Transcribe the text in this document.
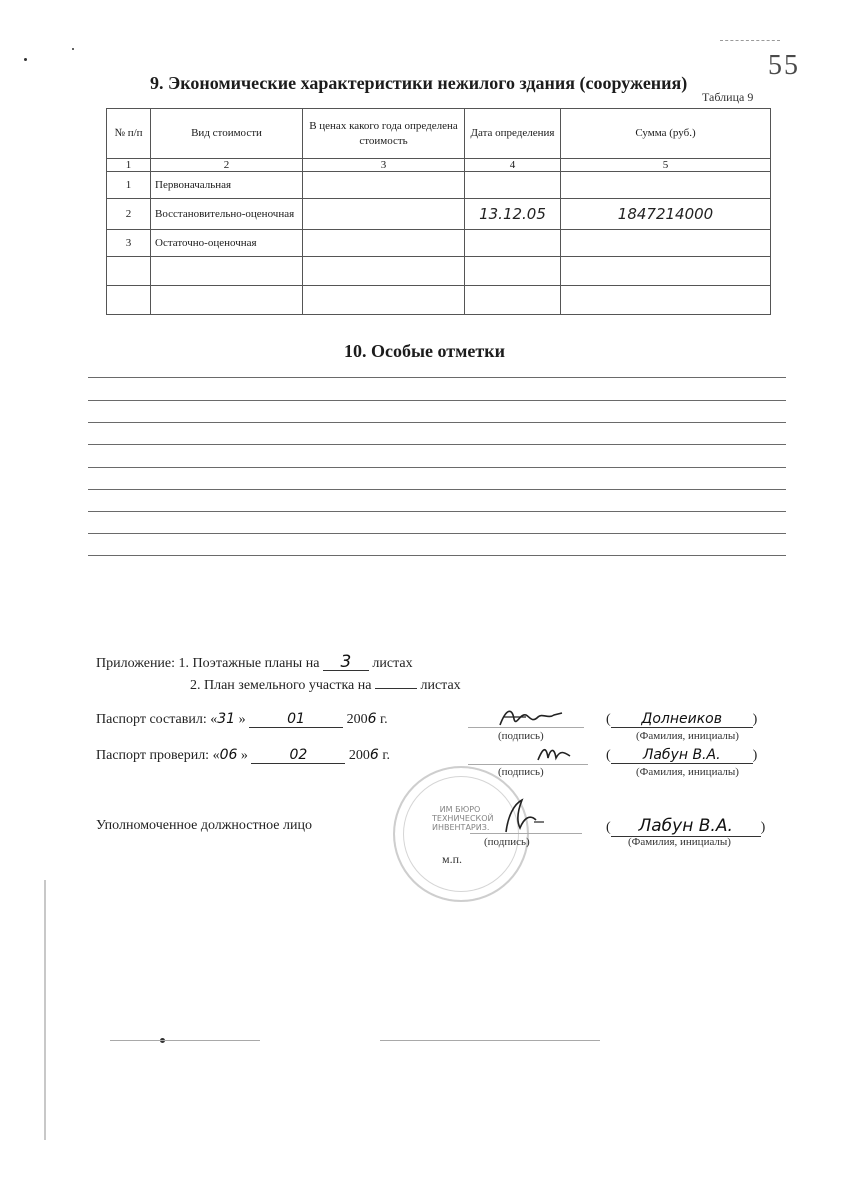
55
9. Экономические характеристики нежилого здания (сооружения)
Таблица 9
№ п/п	Вид стоимости	В ценах какого года определена стоимость	Дата определения	Сумма (руб.)
1	2	3	4	5
1	Первоначальная			
2	Восстановительно-оценочная		13.12.05	1847214000
3	Остаточно-оценочная			

10. Особые отметки
Приложение: 1. Поэтажные планы на 3 листах
2. План земельного участка на	листах
Паспорт составил: «31 »	01	2006 г.
(подпись)
( Долнеиков )
(Фамилия, инициалы)
Паспорт проверил: «06 »	02	2006 г.
(подпись)
( Лабун В.А. )
(Фамилия, инициалы)
ИМ БЮРО ТЕХНИЧЕСКОЙ ИНВЕНТАРИЗ.
Уполномоченное должностное лицо
(подпись)
( Лабун В.А. )
(Фамилия, инициалы)
м.п.
